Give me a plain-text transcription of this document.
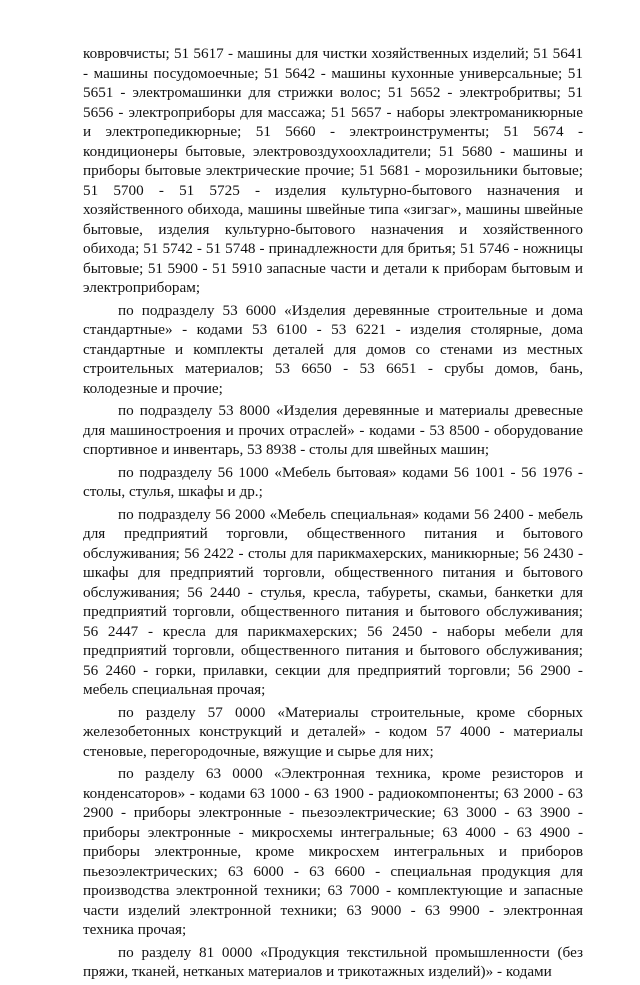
ковровчисты; 51 5617 - машины для чистки хозяйственных изделий; 51 5641 - машины посудомоечные; 51 5642 - машины кухонные универсальные; 51 5651 - электромашинки для стрижки волос; 51 5652 - электробритвы; 51 5656 - электроприборы для массажа; 51 5657 - наборы электроманикюрные и электропедикюрные; 51 5660 - электроинструменты; 51 5674 - кондиционеры бытовые, электровоздухоохладители; 51 5680 - машины и приборы бытовые электрические прочие; 51 5681 - морозильники бытовые; 51 5700 - 51 5725 - изделия культурно-бытового назначения и хозяйственного обихода, машины швейные типа «зигзаг», машины швейные бытовые, изделия культурно-бытового назначения и хозяйственного обихода; 51 5742 - 51 5748 - принадлежности для бритья; 51 5746 - ножницы бытовые; 51 5900 - 51 5910 запасные части и детали к приборам бытовым и электроприборам;

по подразделу 53 6000 «Изделия деревянные строительные и дома стандартные» - кодами 53 6100 - 53 6221 - изделия столярные, дома стандартные и комплекты деталей для домов со стенами из местных строительных материалов; 53 6650 - 53 6651 - срубы домов, бань, колодезные и прочие;

по подразделу 53 8000 «Изделия деревянные и материалы древесные для машиностроения и прочих отраслей» - кодами - 53 8500 - оборудование спортивное и инвентарь, 53 8938 - столы для швейных машин;

по подразделу 56 1000 «Мебель бытовая» кодами 56 1001 - 56 1976 - столы, стулья, шкафы и др.;

по подразделу 56 2000 «Мебель специальная» кодами 56 2400 - мебель для предприятий торговли, общественного питания и бытового обслуживания; 56 2422 - столы для парикмахерских, маникюрные; 56 2430 - шкафы для предприятий торговли, общественного питания и бытового обслуживания; 56 2440 - стулья, кресла, табуреты, скамьи, банкетки для предприятий торговли, общественного питания и бытового обслуживания; 56 2447 - кресла для парикмахерских; 56 2450 - наборы мебели для предприятий торговли, общественного питания и бытового обслуживания; 56 2460 - горки, прилавки, секции для предприятий торговли; 56 2900 - мебель специальная прочая;

по разделу 57 0000 «Материалы строительные, кроме сборных железобетонных конструкций и деталей» - кодом 57 4000 - материалы стеновые, перегородочные, вяжущие и сырье для них;

по разделу 63 0000 «Электронная техника, кроме резисторов и конденсаторов» - кодами 63 1000 - 63 1900 - радиокомпоненты; 63 2000 - 63 2900 - приборы электронные - пьезоэлектрические; 63 3000 - 63 3900 - приборы электронные - микросхемы интегральные; 63 4000 - 63 4900 - приборы электронные, кроме микросхем интегральных и приборов пьезоэлектрических; 63 6000 - 63 6600 - специальная продукция для производства электронной техники; 63 7000 - комплектующие и запасные части изделий электронной техники; 63 9000 - 63 9900 - электронная техника прочая;

по разделу 81 0000 «Продукция текстильной промышленности (без пряжи, тканей, нетканых материалов и трикотажных изделий)» - кодами
